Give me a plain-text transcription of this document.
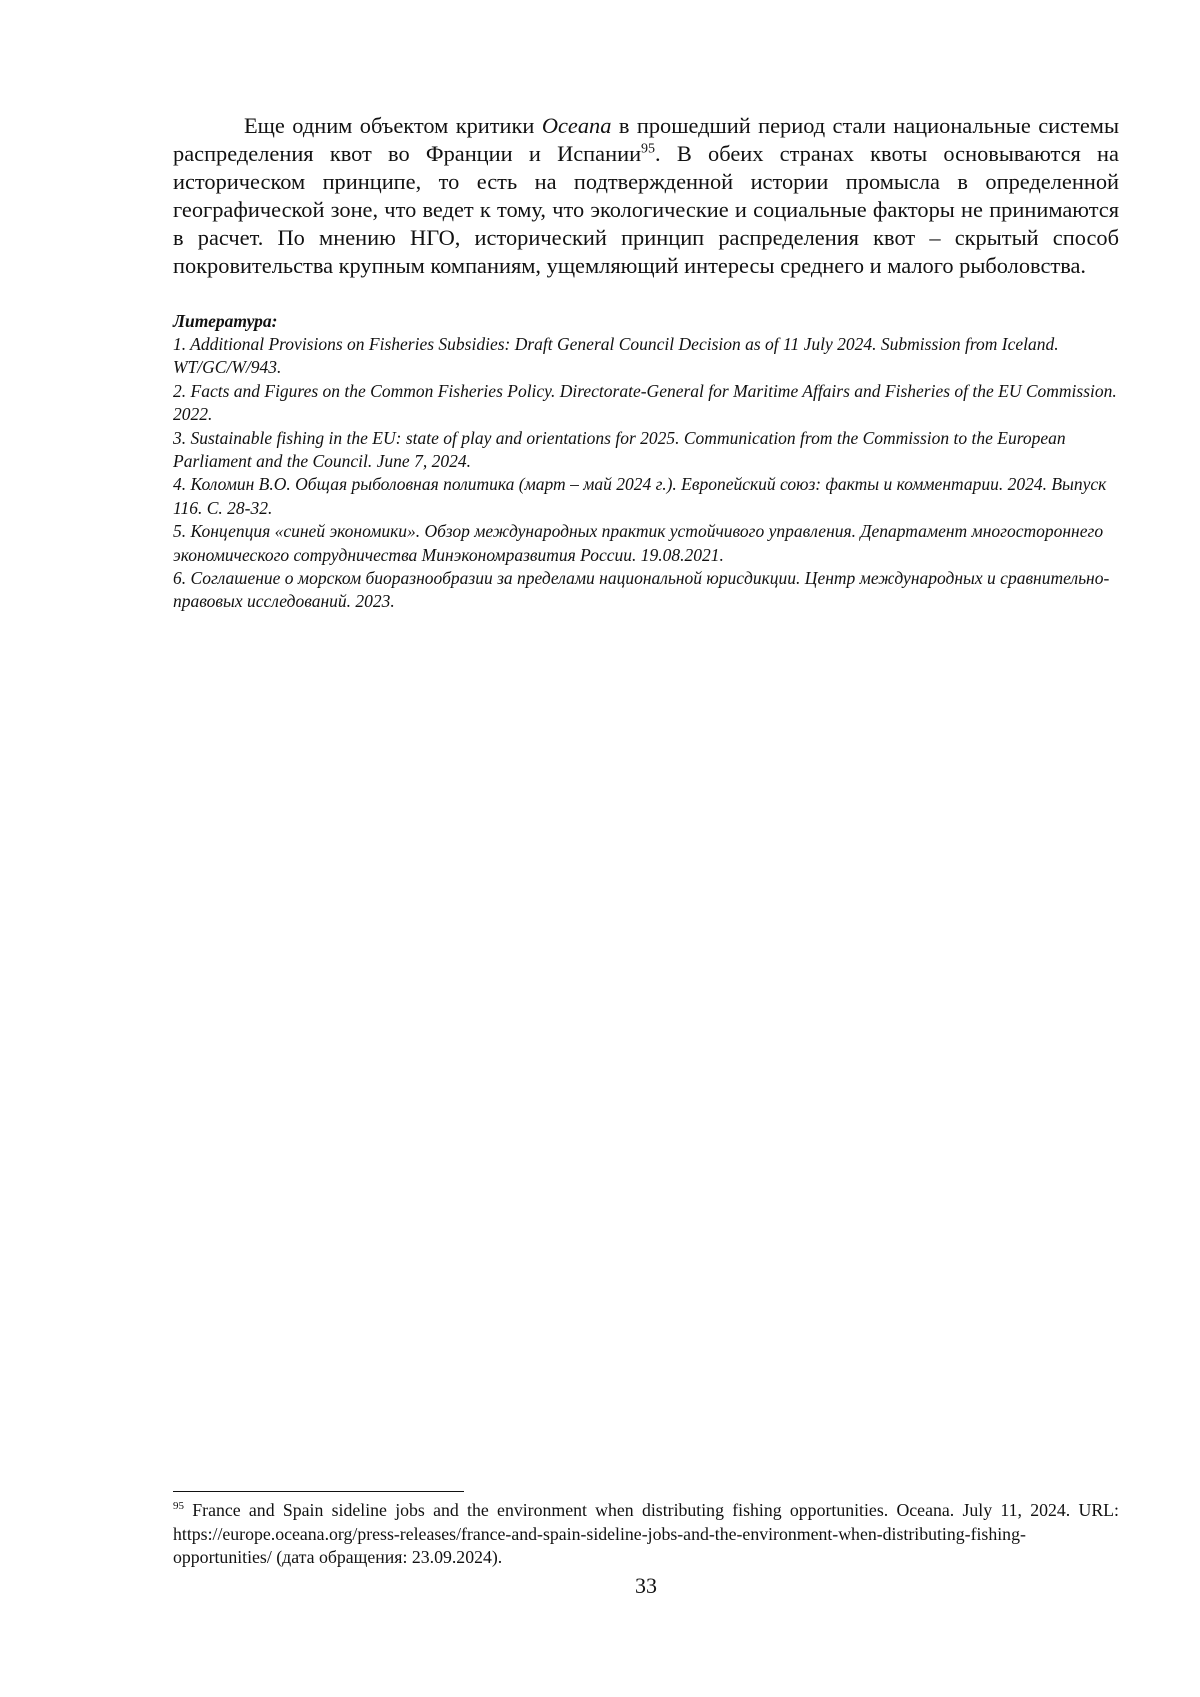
Еще одним объектом критики Oceana в прошедший период стали национальные системы распределения квот во Франции и Испании$^{95}$. В обеих странах квоты основываются на историческом принципе, то есть на подтвержденной истории промысла в определенной географической зоне, что ведет к тому, что экологические и социальные факторы не принимаются в расчет. По мнению НГО, исторический принцип распределения квот – скрытый способ покровительства крупным компаниям, ущемляющий интересы среднего и малого рыболовства.

Литература:

1. Additional Provisions on Fisheries Subsidies: Draft General Council Decision as of 11 July 2024. Submission from Iceland. WT/GC/W/943.

2. Facts and Figures on the Common Fisheries Policy. Directorate-General for Maritime Affairs and Fisheries of the EU Commission. 2022.

3. Sustainable fishing in the EU: state of play and orientations for 2025. Communication from the Commission to the European

Parliament and the Council. June 7, 2024.

4. Коломин В.О. Общая рыболовная политика (март – май 2024 г.). Европейский союз: факты и комментарии. 2024. Выпуск 116. С. 28-32.

5. Концепция «синей экономики». Обзор международных практик устойчивого управления. Департамент многостороннего экономического сотрудничества Минэкономразвития России. 19.08.2021.

6. Соглашение о морском биоразнообразии за пределами национальной юрисдикции. Центр международных и сравнительно-правовых исследований. 2023.

$^{95}$ France and Spain sideline jobs and the environment when distributing fishing opportunities. Oceana. July 11, 2024. URL: https://europe.oceana.org/press-releases/france-and-spain-sideline-jobs-and-the-environment-when-distributing-fishing-opportunities/ (дата обращения: 23.09.2024).

33
